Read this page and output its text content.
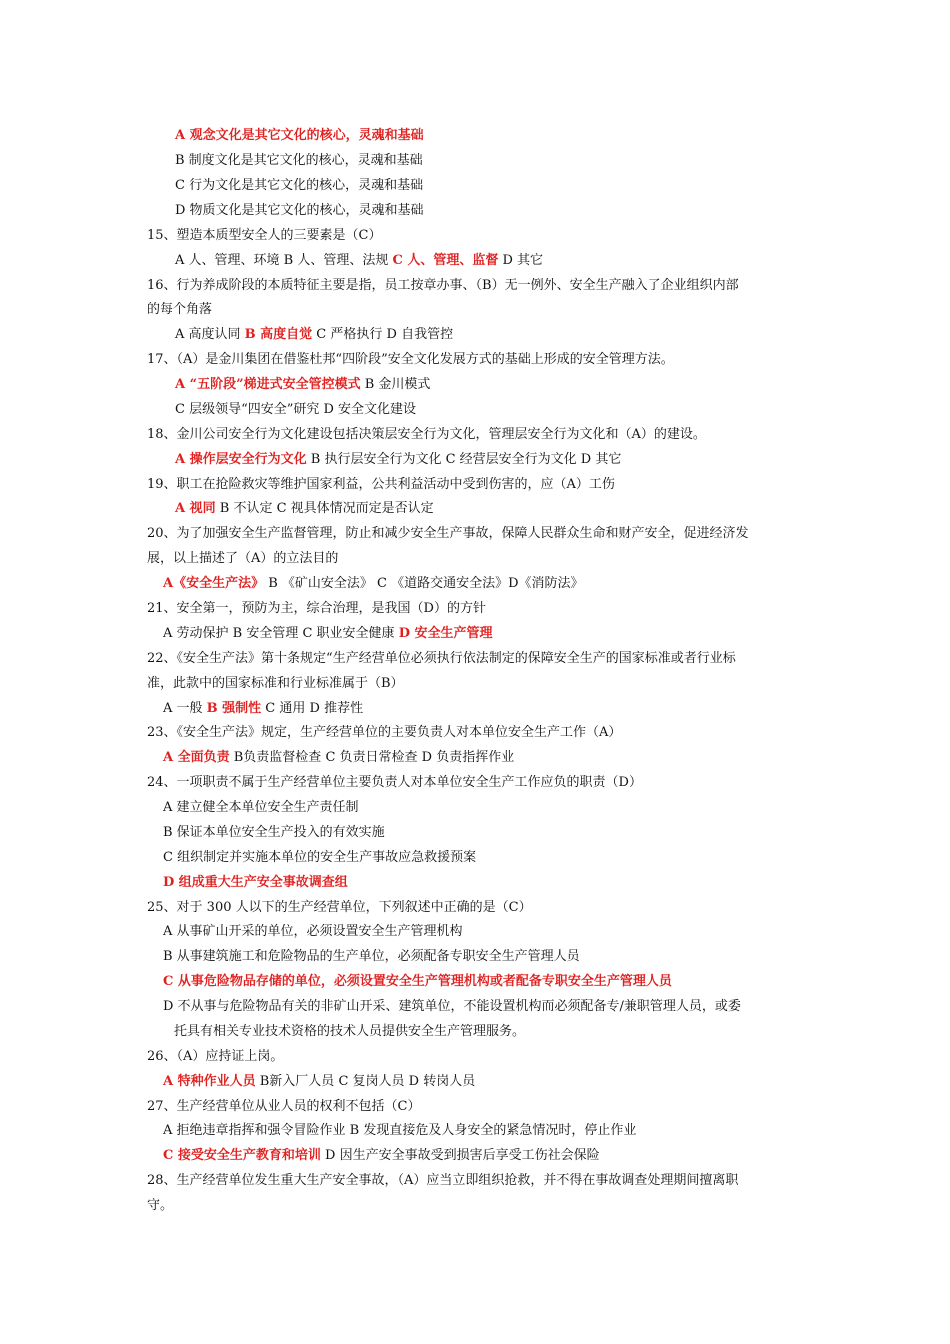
A 观念文化是其它文化的核心，灵魂和基础
B 制度文化是其它文化的核心，灵魂和基础
C 行为文化是其它文化的核心，灵魂和基础
D 物质文化是其它文化的核心，灵魂和基础
15、塑造本质型安全人的三要素是（C）
A 人、管理、环境 B 人、管理、法规 C 人、管理、监督 D 其它
16、行为养成阶段的本质特征主要是指，员工按章办事、（B）无一例外、安全生产融入了企业组织内部
的每个角落
A 高度认同 B 高度自觉 C 严格执行 D 自我管控
17、（A）是金川集团在借鉴杜邦“四阶段”安全文化发展方式的基础上形成的安全管理方法。
A “五阶段”梯进式安全管控模式 B 金川模式
C 层级领导“四安全”研究 D 安全文化建设
18、金川公司安全行为文化建设包括决策层安全行为文化，管理层安全行为文化和（A）的建设。
A 操作层安全行为文化 B 执行层安全行为文化 C 经营层安全行为文化 D 其它
19、职工在抢险救灾等维护国家利益，公共利益活动中受到伤害的，应（A）工伤
A 视同 B 不认定 C 视具体情况而定是否认定
20、为了加强安全生产监督管理，防止和减少安全生产事故，保障人民群众生命和财产安全，促进经济发
展，以上描述了（A）的立法目的
A《安全生产法》 B 《矿山安全法》 C 《道路交通安全法》D《消防法》
21、安全第一，预防为主，综合治理，是我国（D）的方针
A 劳动保护 B 安全管理 C 职业安全健康 D 安全生产管理
22、《安全生产法》第十条规定“生产经营单位必须执行依法制定的保障安全生产的国家标准或者行业标
准，此款中的国家标准和行业标准属于（B）
A 一般 B 强制性 C 通用 D 推荐性
23、《安全生产法》规定，生产经营单位的主要负责人对本单位安全生产工作（A）
A 全面负责 B负责监督检查 C 负责日常检查 D 负责指挥作业
24、一项职责不属于生产经营单位主要负责人对本单位安全生产工作应负的职责（D）
A 建立健全本单位安全生产责任制
B 保证本单位安全生产投入的有效实施
C 组织制定并实施本单位的安全生产事故应急救援预案
D 组成重大生产安全事故调查组
25、对于 300 人以下的生产经营单位，下列叙述中正确的是（C）
A 从事矿山开采的单位，必须设置安全生产管理机构
B 从事建筑施工和危险物品的生产单位，必须配备专职安全生产管理人员
C 从事危险物品存储的单位，必须设置安全生产管理机构或者配备专职安全生产管理人员
D 不从事与危险物品有关的非矿山开采、建筑单位，不能设置机构而必须配备专/兼职管理人员，或委
托具有相关专业技术资格的技术人员提供安全生产管理服务。
26、（A）应持证上岗。
A 特种作业人员 B新入厂人员 C 复岗人员 D 转岗人员
27、生产经营单位从业人员的权利不包括（C）
A 拒绝违章指挥和强令冒险作业 B 发现直接危及人身安全的紧急情况时，停止作业
C 接受安全生产教育和培训 D 因生产安全事故受到损害后享受工伤社会保险
28、生产经营单位发生重大生产安全事故，（A）应当立即组织抢救，并不得在事故调查处理期间擅离职
守。
